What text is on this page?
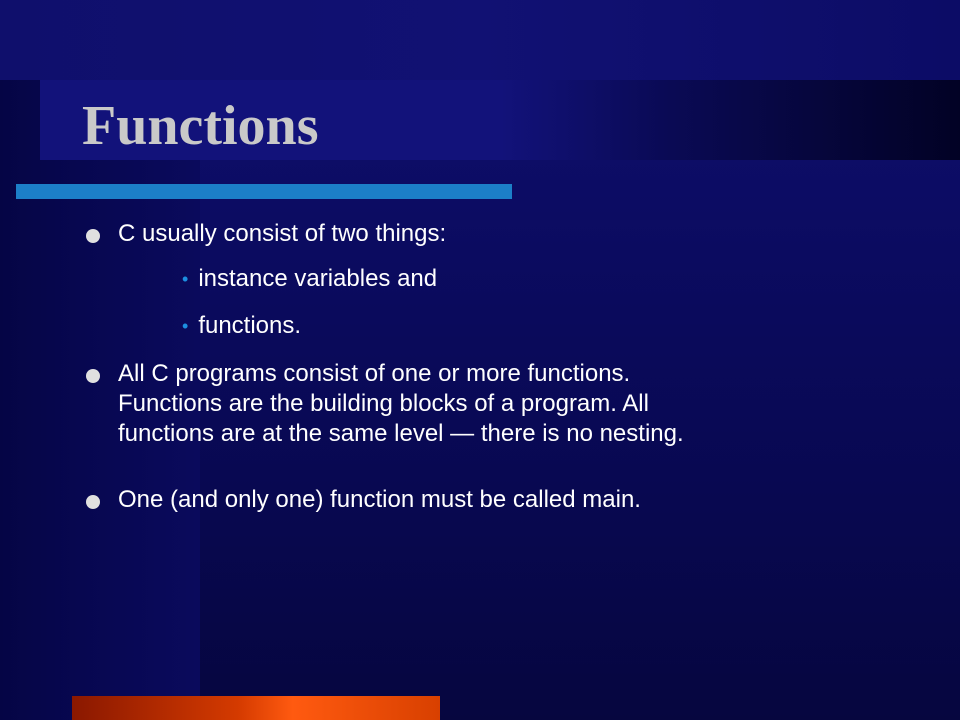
Functions

C usually consist of two things:

• instance variables and
• functions.

All C programs consist of one or more functions.

Functions are the building blocks of a program. All

functions are at the same level — there is no nesting.

One (and only one) function must be called main.
